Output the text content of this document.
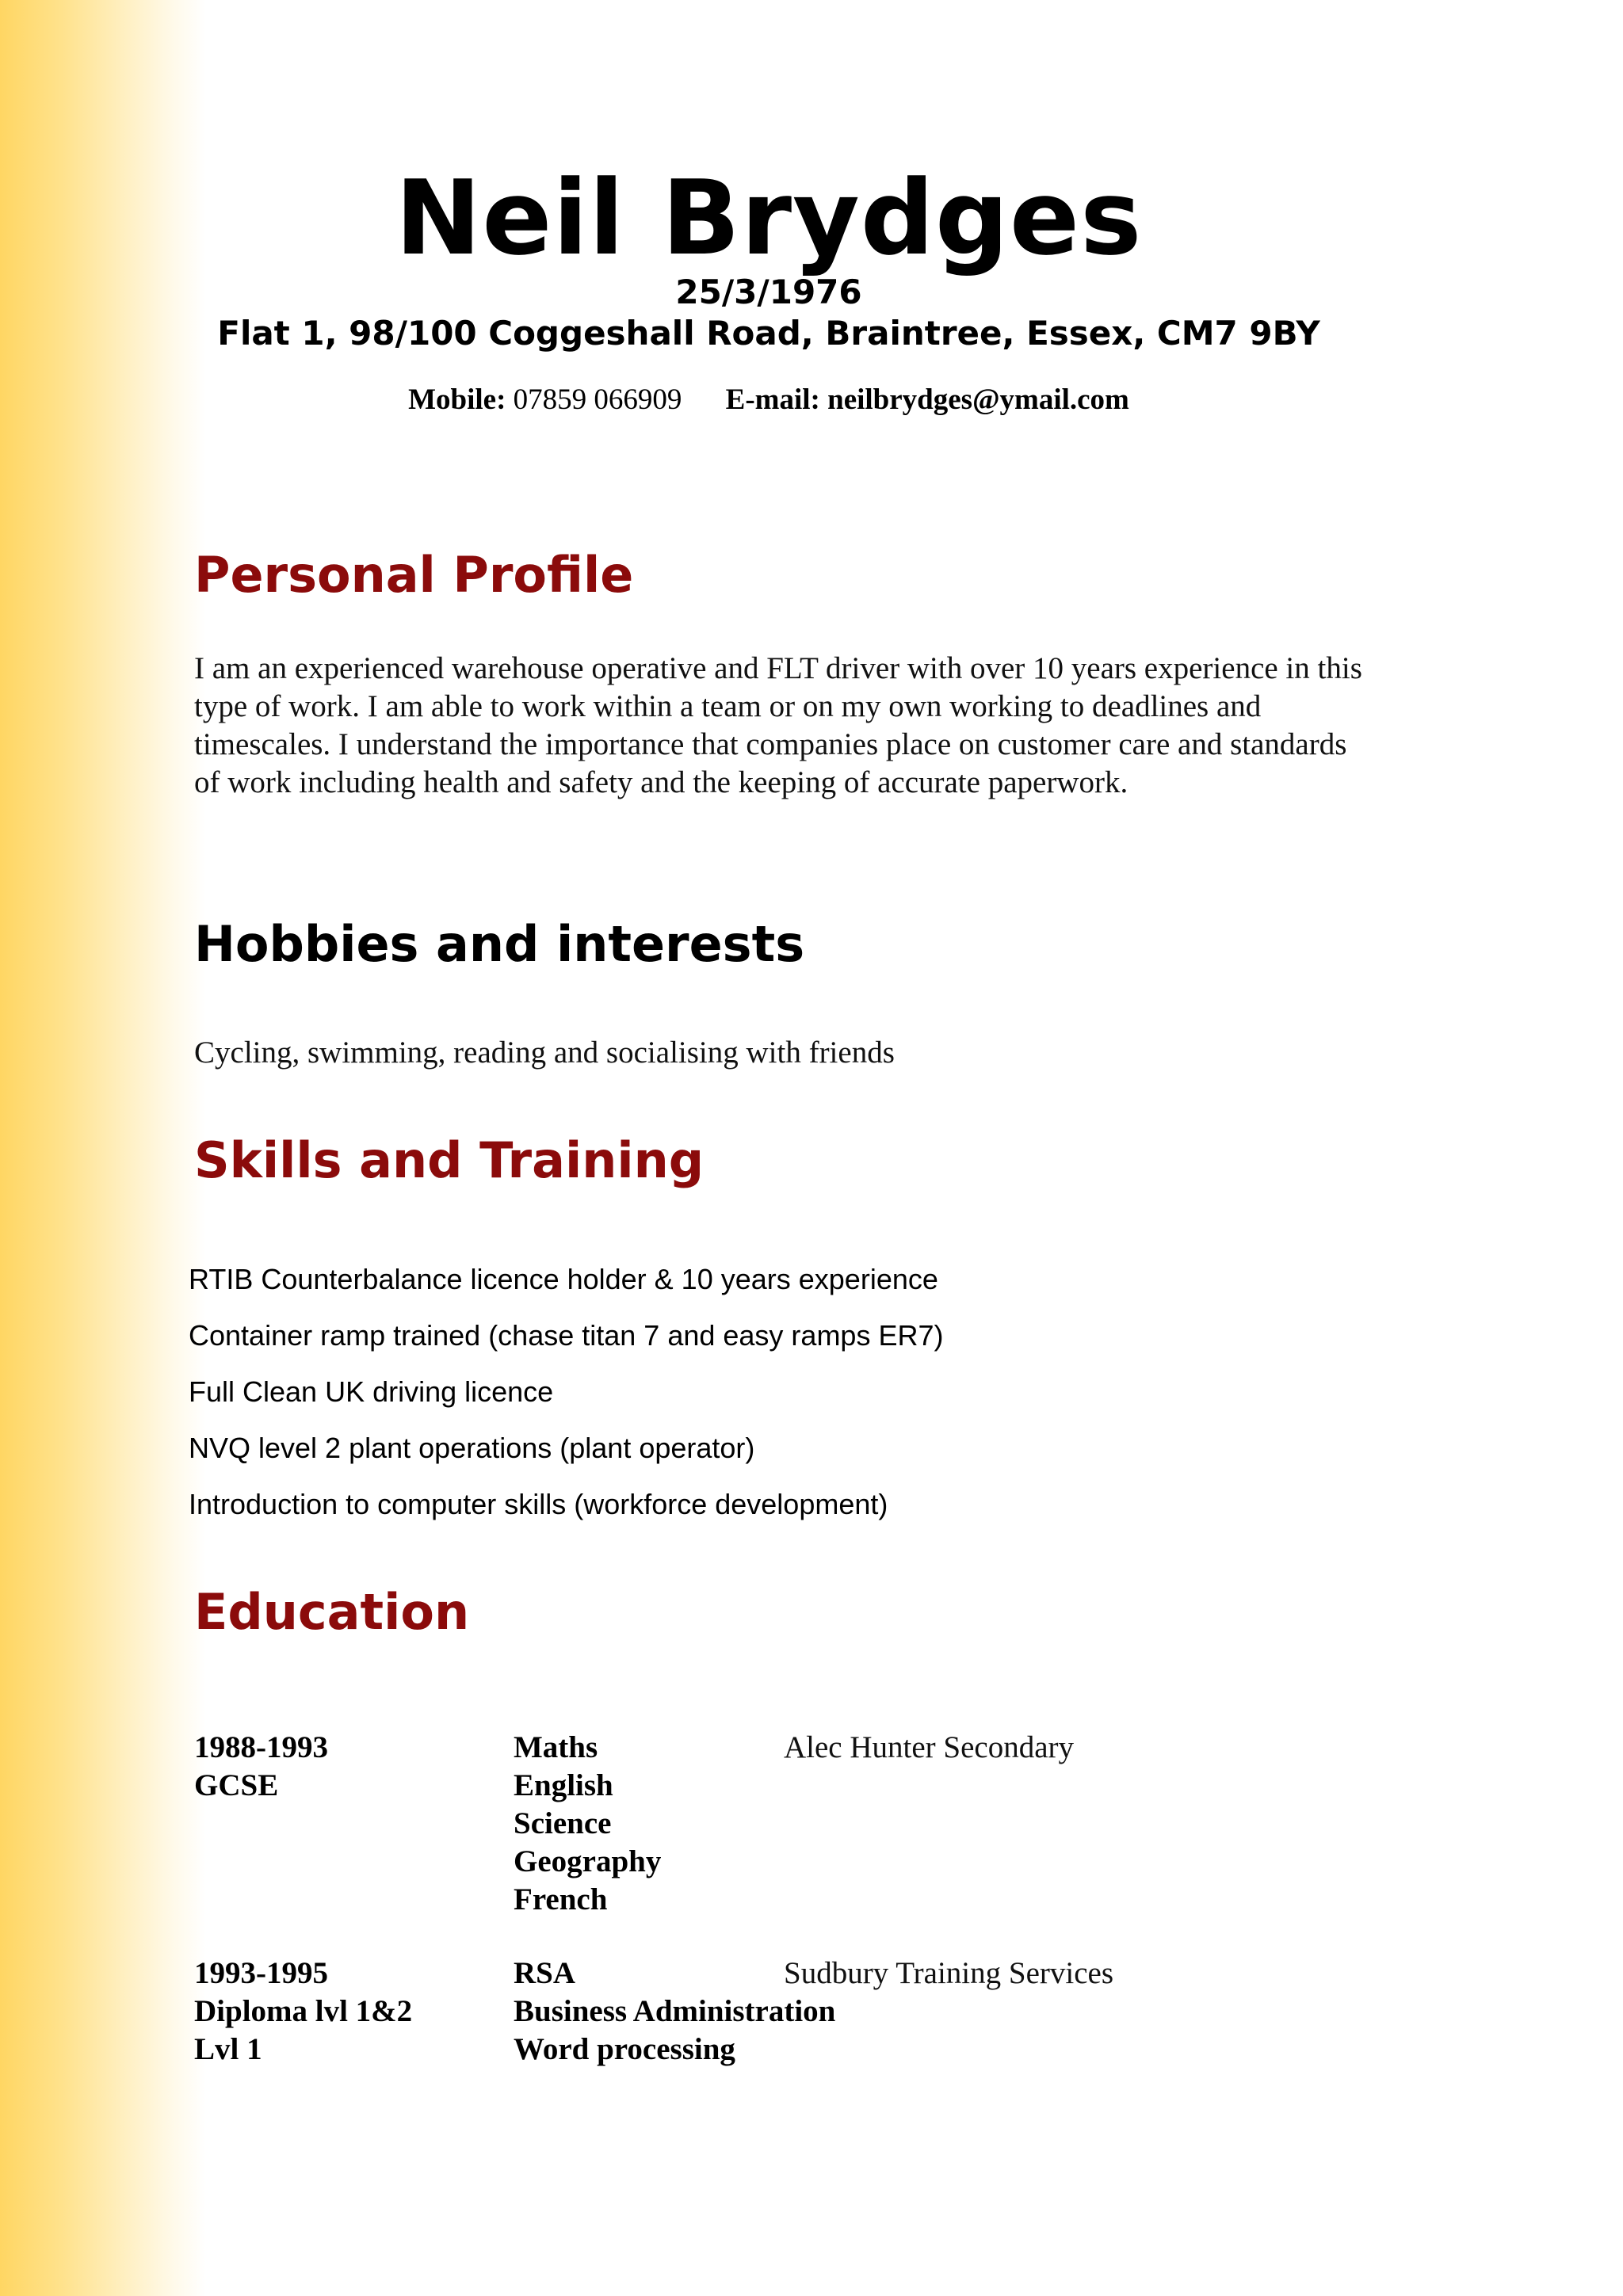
Neil Brydges
25/3/1976
Flat 1, 98/100 Coggeshall Road, Braintree, Essex, CM7 9BY
Mobile: 07859 066909 E-mail: neilbrydges@ymail.com
Personal Profile
I am an experienced warehouse operative and FLT driver with over 10 years experience in this type of work. I am able to work within a team or on my own working to deadlines and timescales. I understand the importance that companies place on customer care and standards of work including health and safety and the keeping of accurate paperwork.
Hobbies and interests
Cycling, swimming, reading and socialising with friends
Skills and Training
RTIB Counterbalance licence holder & 10 years experience
Container ramp trained (chase titan 7 and easy ramps ER7)
Full Clean UK driving licence
NVQ level 2 plant operations (plant operator)
Introduction to computer skills (workforce development)
Education
1988-1993
GCSE
Maths
English
Science
Geography
French
Alec Hunter Secondary
1993-1995
Diploma lvl 1&2
Lvl 1
RSA
Business Administration
Word processing
Sudbury Training Services
